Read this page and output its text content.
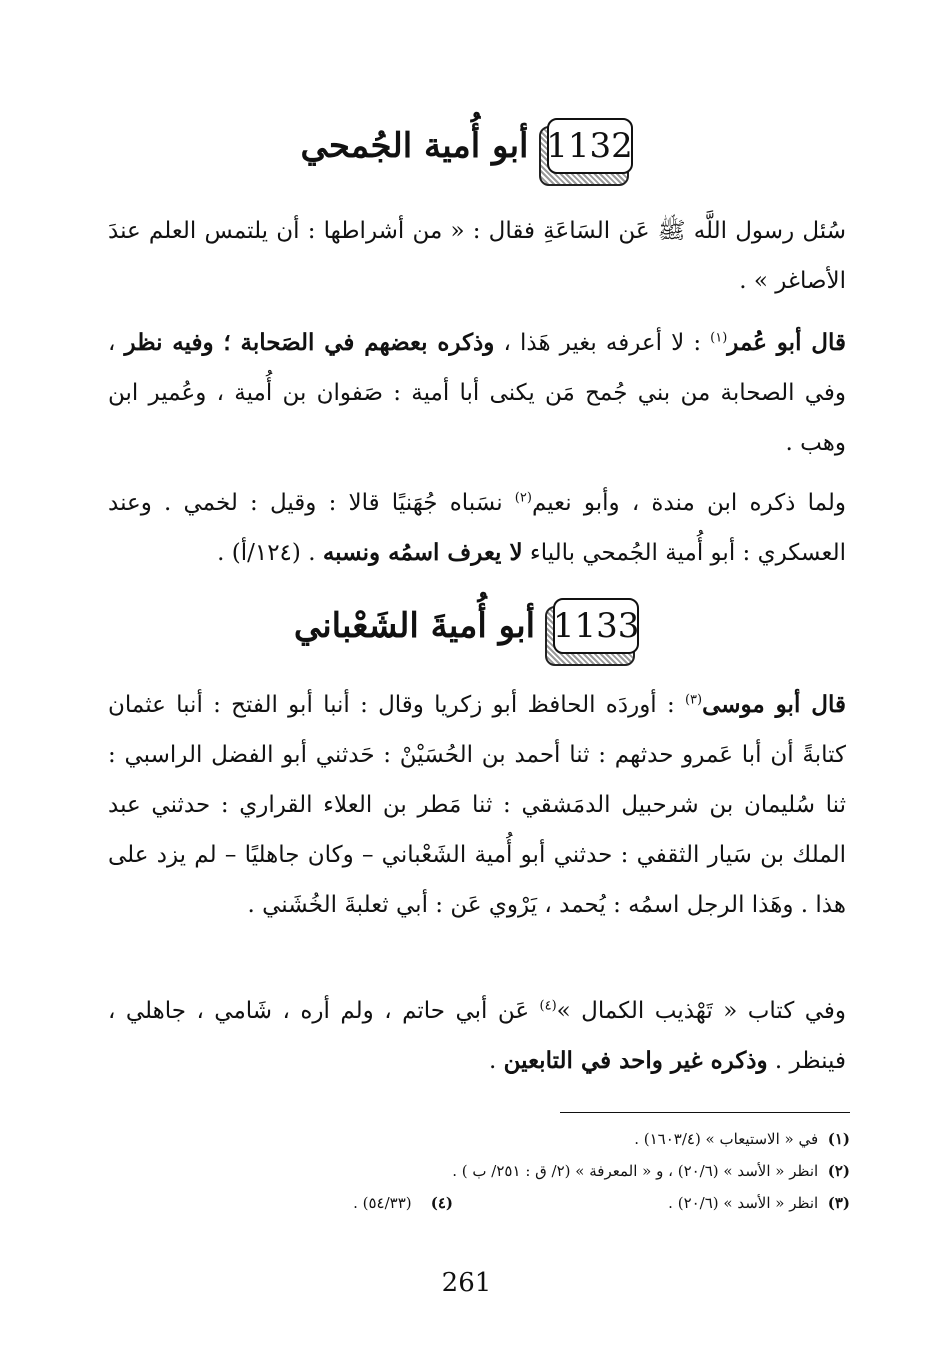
1132
أبو أُمية الجُمحي
سُئل رسول اللَّه ﷺ عَن السَاعَةِ فقال : « من أشراطها : أن يلتمس العلم عندَ الأصاغر » .
قال أبو عُمر$^{(١)}$ : لا أعرفه بغير هَذا ، وذكره بعضهم في الصَحابة ؛ وفيه نظر ، وفي الصحابة من بني جُمح مَن يكنى أبا أمية : صَفوان بن أُمية ، وعُمير ابن وهب .
ولما ذكره ابن مندة ، وأبو نعيم$^{(٢)}$ نسَباه جُهَنيًا قالا : وقيل : لخمي . وعند العسكري : أبو أُمية الجُمحي بالياء لا يعرف اسمُه ونسبه . (١٢٤/أ) .
1133
أبو أُميةَ الشَعْباني
قال أبو موسى$^{(٣)}$ : أوردَه الحافظ أبو زكريا وقال : أنبا أبو الفتح : أنبا عثمان كتابةً أن أبا عَمرو حدثهم : ثنا أحمد بن الحُسَيْنْ : حَدثني أبو الفضل الراسبي : ثنا سُليمان بن شرحبيل الدمَشقي : ثنا مَطر بن العلاء القراري : حدثني عبد الملك بن سَيار الثقفي : حدثني أبو أُمية الشَعْباني – وكان جاهليًا – لم يزد على هذا . وهَذا الرجل اسمُه : يُحمد ، يَرْوي عَن : أبي ثعلبةَ الخُشَني .
وفي كتاب « تَهْذيب الكمال »$^{(٤)}$ عَن أبي حاتم ، ولم أره ، شَامي ، جاهلي ، فينظر . وذكره غير واحد في التابعين .
(١)  في « الاستيعاب » (١٦٠٣/٤) .
(٢)  انظر « الأسد » (٢٠/٦) ، و « المعرفة » (٢/ ق : ٢٥١/ ب ) .
(٣)  انظر « الأسد » (٢٠/٦) .
(٤)    (٥٤/٣٣) .
261
